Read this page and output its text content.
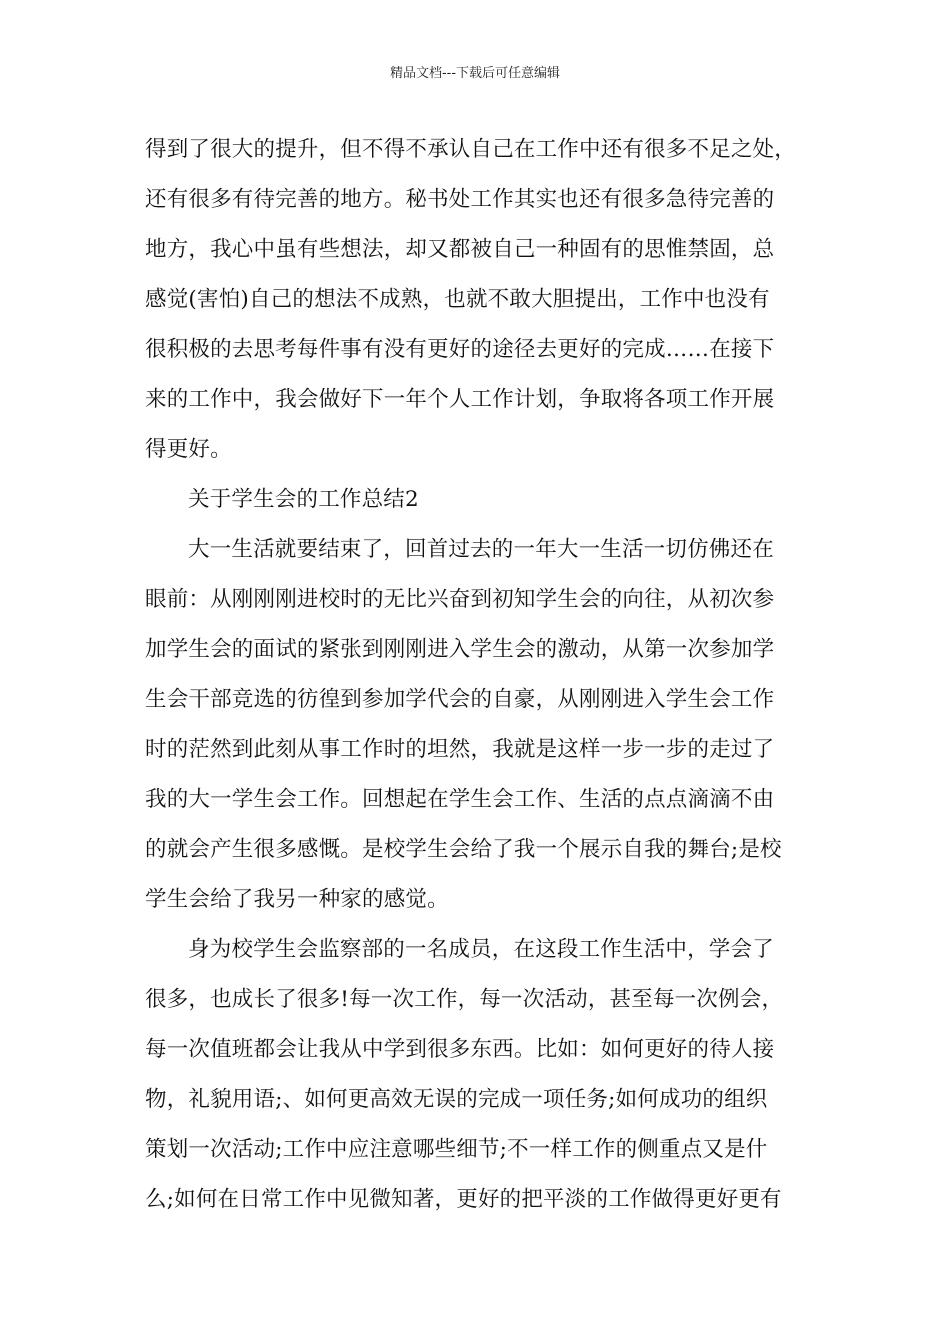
精品文档---下载后可任意编辑
得到了很大的提升，但不得不承认自己在工作中还有很多不足之处，
还有很多有待完善的地方。秘书处工作其实也还有很多急待完善的
地方，我心中虽有些想法，却又都被自己一种固有的思惟禁固，总
感觉(害怕)自己的想法不成熟，也就不敢大胆提出，工作中也没有
很积极的去思考每件事有没有更好的途径去更好的完成……在接下
来的工作中，我会做好下一年个人工作计划，争取将各项工作开展
得更好。
关于学生会的工作总结2
大一生活就要结束了，回首过去的一年大一生活一切仿佛还在
眼前：从刚刚刚进校时的无比兴奋到初知学生会的向往，从初次参
加学生会的面试的紧张到刚刚进入学生会的激动，从第一次参加学
生会干部竞选的彷徨到参加学代会的自豪，从刚刚进入学生会工作
时的茫然到此刻从事工作时的坦然，我就是这样一步一步的走过了
我的大一学生会工作。回想起在学生会工作、生活的点点滴滴不由
的就会产生很多感慨。是校学生会给了我一个展示自我的舞台;是校
学生会给了我另一种家的感觉。
身为校学生会监察部的一名成员，在这段工作生活中，学会了
很多，也成长了很多!每一次工作，每一次活动，甚至每一次例会，
每一次值班都会让我从中学到很多东西。比如：如何更好的待人接
物，礼貌用语;、如何更高效无误的完成一项任务;如何成功的组织
策划一次活动;工作中应注意哪些细节;不一样工作的侧重点又是什
么;如何在日常工作中见微知著，更好的把平淡的工作做得更好更有
